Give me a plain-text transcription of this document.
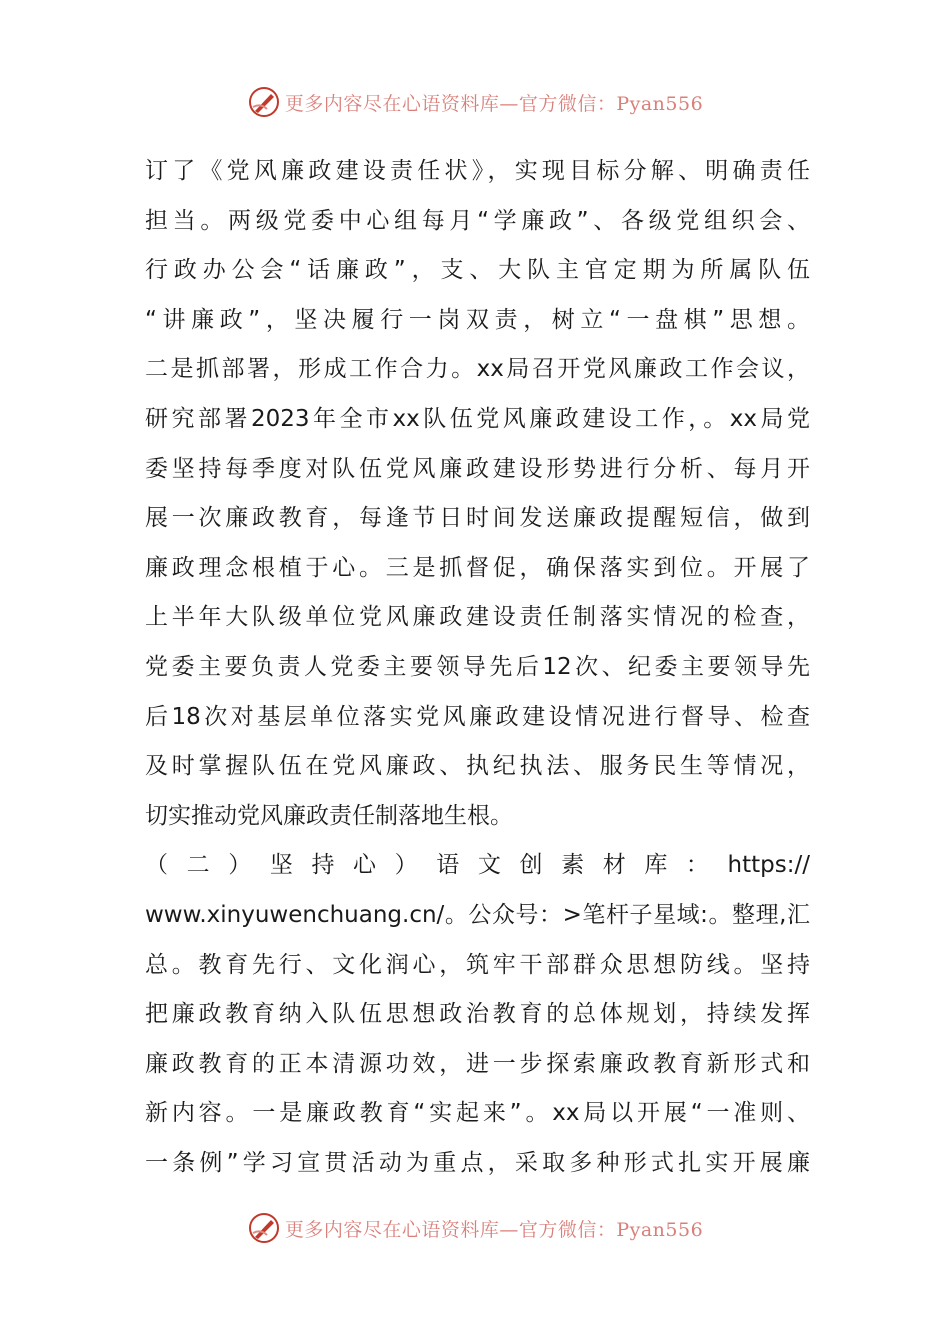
更多内容尽在心语资料库—官方微信：Pyan556
订了《党风廉政建设责任状》，实现目标分解、明确责任
担当。两级党委中心组每月“学廉政”、各级党组织会、
行政办公会“话廉政”，支、大队主官定期为所属队伍
“讲廉政”，坚决履行一岗双责，树立“一盘棋”思想。
二是抓部署，形成工作合力。xx局召开党风廉政工作会议，
研究部署2023年全市xx队伍党风廉政建设工作，。xx局党
委坚持每季度对队伍党风廉政建设形势进行分析、每月开
展一次廉政教育，每逢节日时间发送廉政提醒短信，做到
廉政理念根植于心。三是抓督促，确保落实到位。开展了
上半年大队级单位党风廉政建设责任制落实情况的检查，
党委主要负责人党委主要领导先后12次、纪委主要领导先
后18次对基层单位落实党风廉政建设情况进行督导、检查
及时掌握队伍在党风廉政、执纪执法、服务民生等情况，
切实推动党风廉政责任制落地生根。
（二）坚持心）语文创素材库：https://
www.xinyuwenchuang.cn/。公众号：>笔杆子星域:。整理,汇
总。教育先行、文化润心，筑牢干部群众思想防线。坚持
把廉政教育纳入队伍思想政治教育的总体规划，持续发挥
廉政教育的正本清源功效，进一步探索廉政教育新形式和
新内容。一是廉政教育“实起来”。xx局以开展“一准则、
一条例”学习宣贯活动为重点，采取多种形式扎实开展廉
更多内容尽在心语资料库—官方微信：Pyan556
